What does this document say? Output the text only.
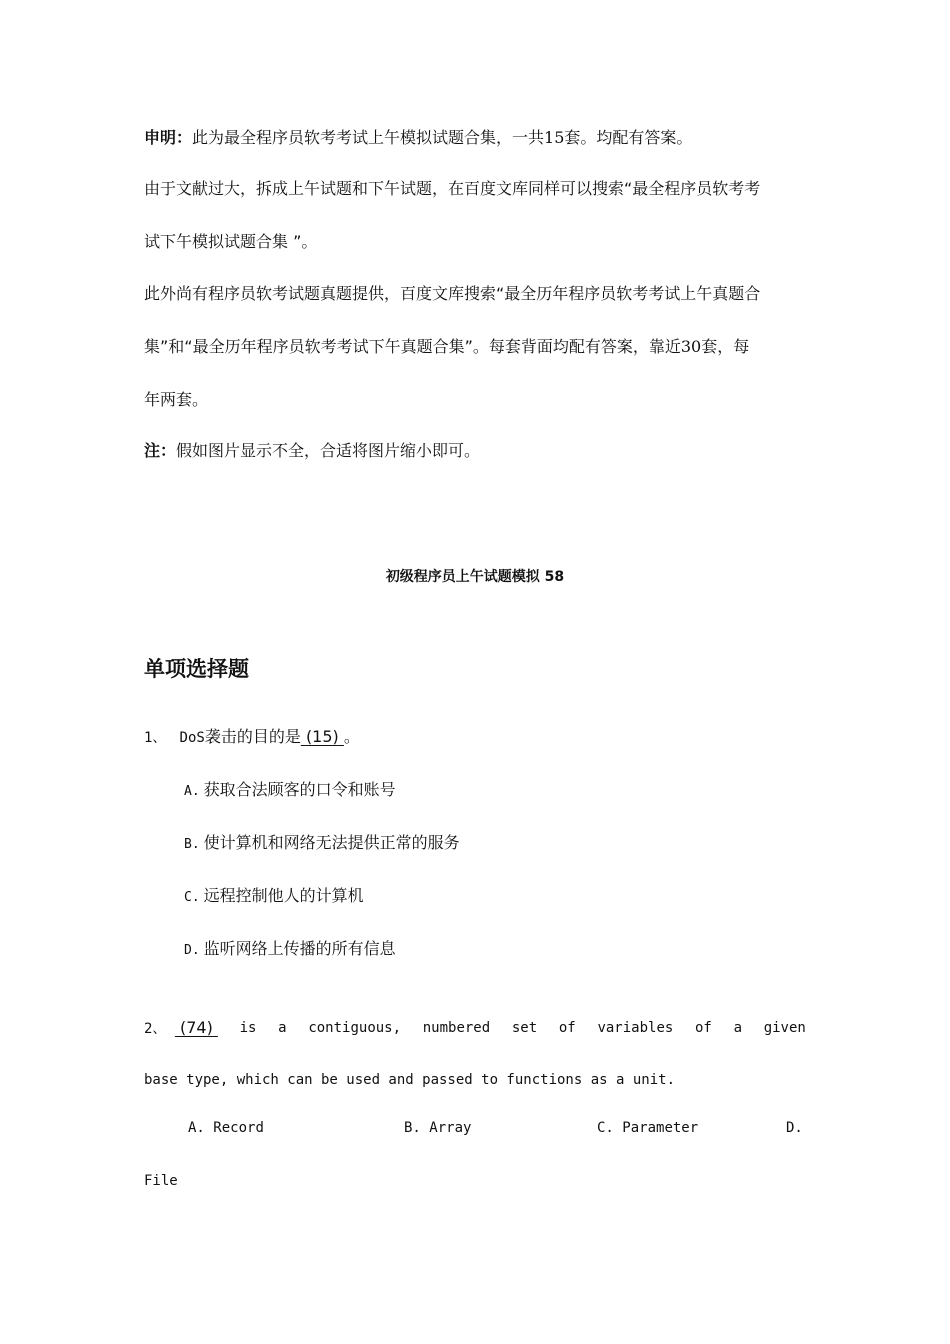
申明：此为最全程序员软考考试上午模拟试题合集，一共15套。均配有答案。
由于文献过大，拆成上午试题和下午试题，在百度文库同样可以搜索“最全程序员软考考
试下午模拟试题合集 ”。
此外尚有程序员软考试题真题提供，百度文库搜索“最全历年程序员软考考试上午真题合
集”和“最全历年程序员软考考试下午真题合集”。每套背面均配有答案，靠近30套，每
年两套。
注：假如图片显示不全，合适将图片缩小即可。
初级程序员上午试题模拟 58
单项选择题
1、 DoS袭击的目的是 (15) 。
A. 获取合法顾客的口令和账号
B. 使计算机和网络无法提供正常的服务
C. 远程控制他人的计算机
D. 监听网络上传播的所有信息
2、 (74)	is a contiguous, numbered set of variables of a given
base type, which can be used and passed to functions as a unit.
A. Record	B. Array	C. Parameter	D.
File
